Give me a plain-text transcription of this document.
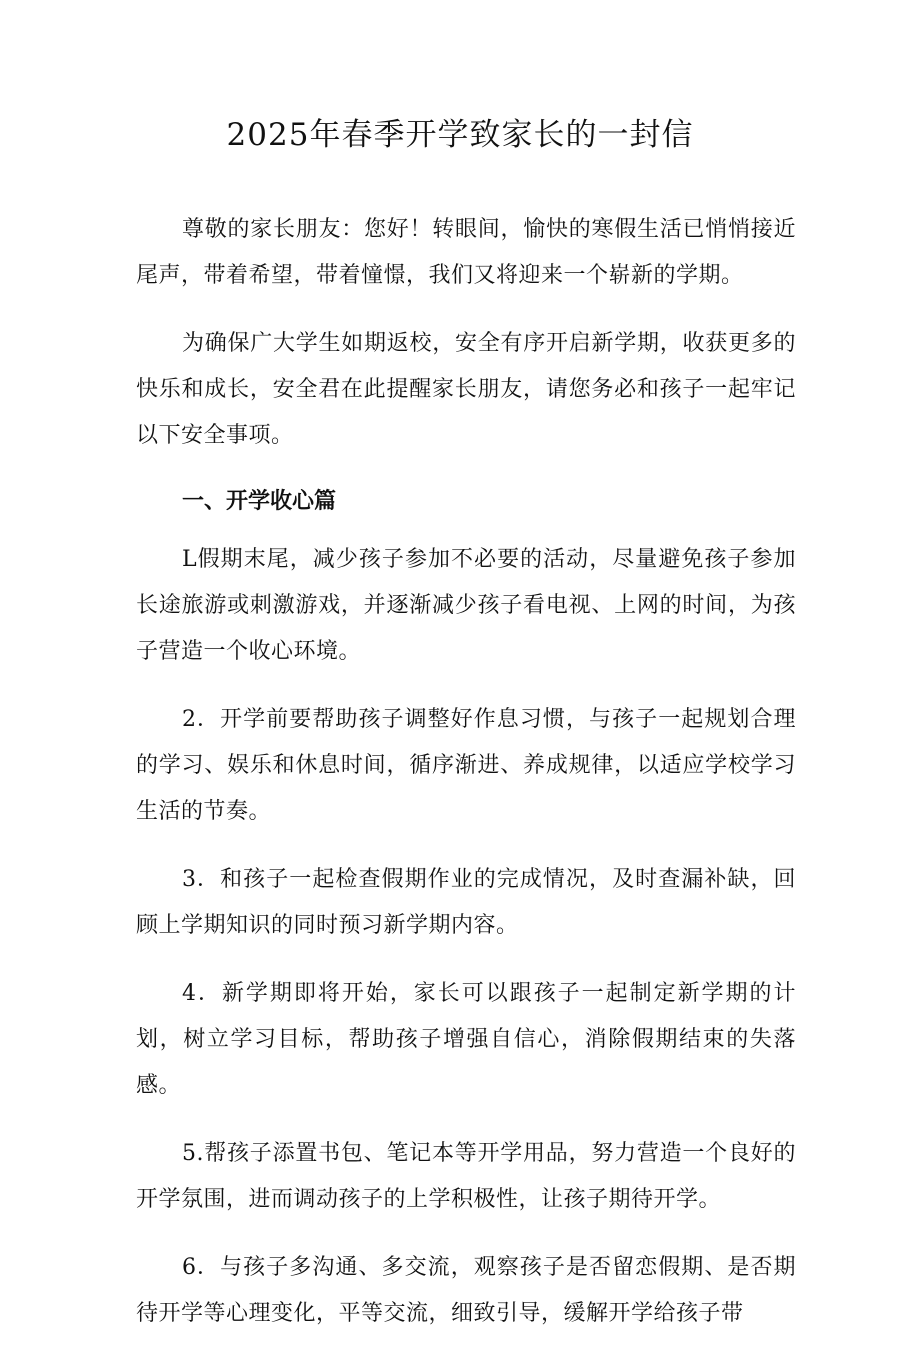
2025年春季开学致家长的一封信

尊敬的家长朋友：您好！转眼间，愉快的寒假生活已悄悄接近尾声，带着希望，带着憧憬，我们又将迎来一个崭新的学期。

为确保广大学生如期返校，安全有序开启新学期，收获更多的快乐和成长，安全君在此提醒家长朋友，请您务必和孩子一起牢记以下安全事项。

一、开学收心篇

L假期末尾，减少孩子参加不必要的活动，尽量避免孩子参加长途旅游或刺激游戏，并逐渐减少孩子看电视、上网的时间，为孩子营造一个收心环境。

2．开学前要帮助孩子调整好作息习惯，与孩子一起规划合理的学习、娱乐和休息时间，循序渐进、养成规律，以适应学校学习生活的节奏。

3．和孩子一起检查假期作业的完成情况，及时查漏补缺，回顾上学期知识的同时预习新学期内容。

4．新学期即将开始，家长可以跟孩子一起制定新学期的计划，树立学习目标，帮助孩子增强自信心，消除假期结束的失落感。

5.帮孩子添置书包、笔记本等开学用品，努力营造一个良好的开学氛围，进而调动孩子的上学积极性，让孩子期待开学。

6．与孩子多沟通、多交流，观察孩子是否留恋假期、是否期待开学等心理变化，平等交流，细致引导，缓解开学给孩子带
